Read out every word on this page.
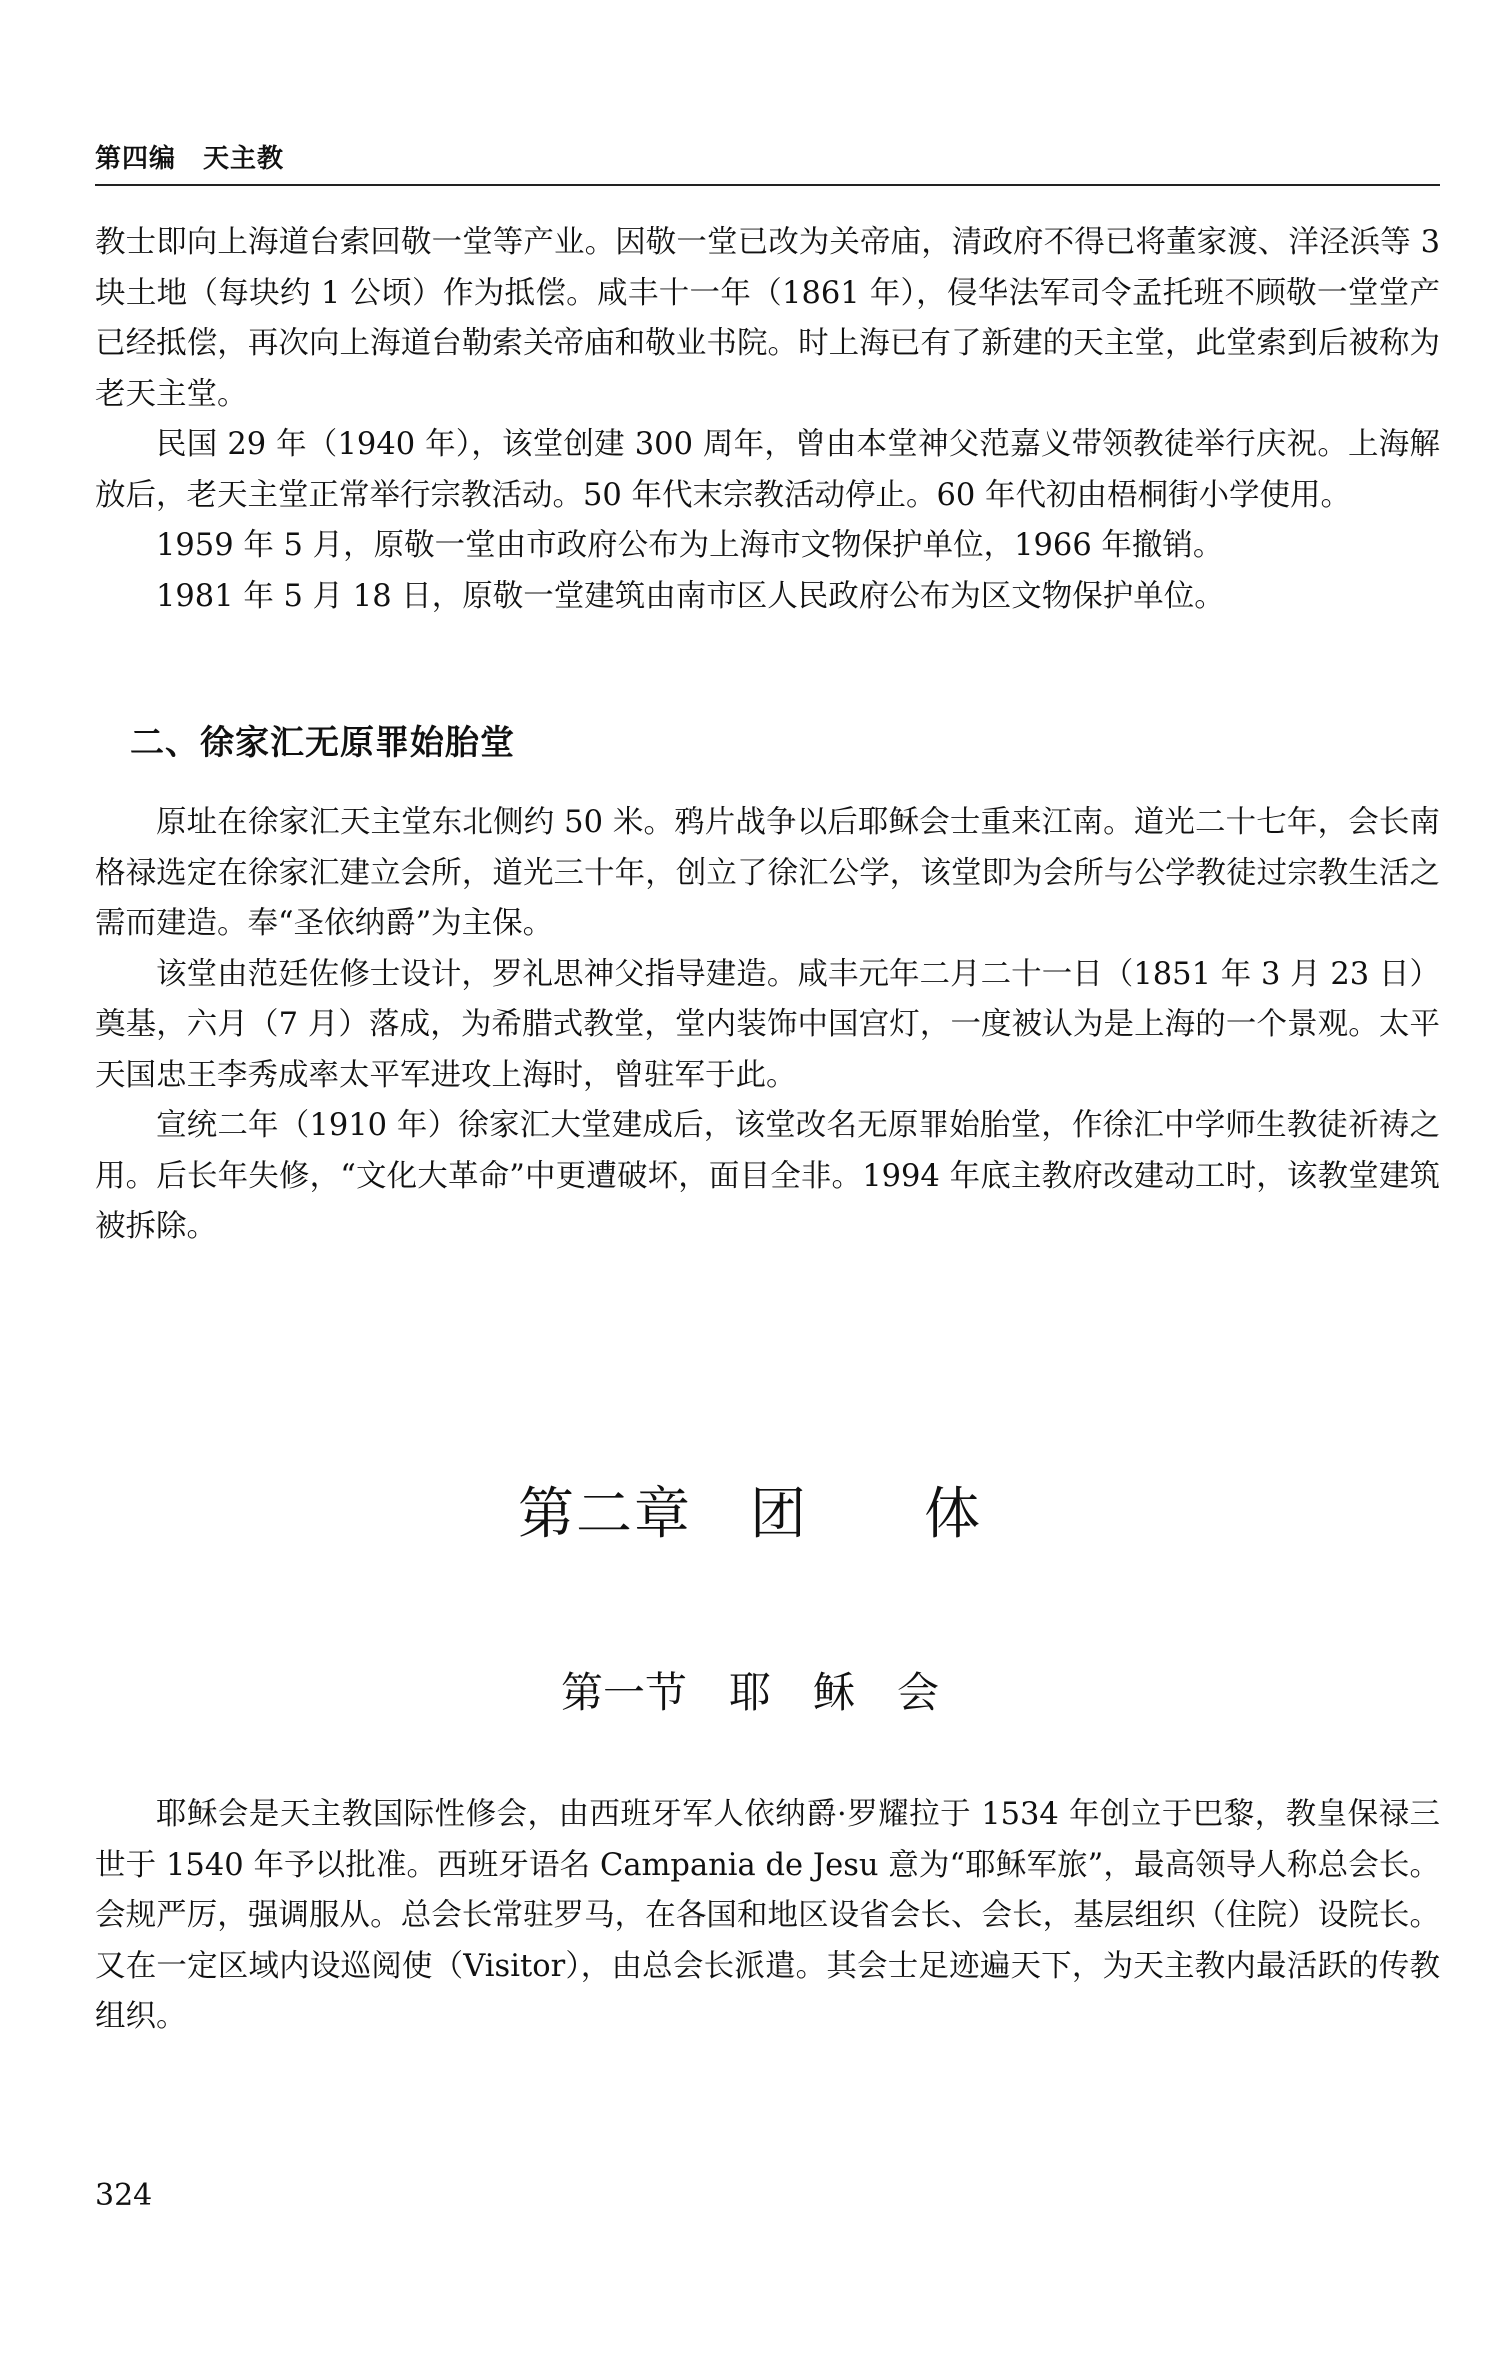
第四编　天主教

教士即向上海道台索回敬一堂等产业。因敬一堂已改为关帝庙，清政府不得已将董家渡、洋泾浜等 3 块土地（每块约 1 公顷）作为抵偿。咸丰十一年（1861 年），侵华法军司令孟托班不顾敬一堂堂产已经抵偿，再次向上海道台勒索关帝庙和敬业书院。时上海已有了新建的天主堂，此堂索到后被称为老天主堂。

民国 29 年（1940 年），该堂创建 300 周年，曾由本堂神父范嘉义带领教徒举行庆祝。上海解放后，老天主堂正常举行宗教活动。50 年代末宗教活动停止。60 年代初由梧桐街小学使用。

1959 年 5 月，原敬一堂由市政府公布为上海市文物保护单位，1966 年撤销。

1981 年 5 月 18 日，原敬一堂建筑由南市区人民政府公布为区文物保护单位。

二、徐家汇无原罪始胎堂

原址在徐家汇天主堂东北侧约 50 米。鸦片战争以后耶稣会士重来江南。道光二十七年，会长南格禄选定在徐家汇建立会所，道光三十年，创立了徐汇公学，该堂即为会所与公学教徒过宗教生活之需而建造。奉“圣依纳爵”为主保。

该堂由范廷佐修士设计，罗礼思神父指导建造。咸丰元年二月二十一日（1851 年 3 月 23 日）奠基，六月（7 月）落成，为希腊式教堂，堂内装饰中国宫灯，一度被认为是上海的一个景观。太平天国忠王李秀成率太平军进攻上海时，曾驻军于此。

宣统二年（1910 年）徐家汇大堂建成后，该堂改名无原罪始胎堂，作徐汇中学师生教徒祈祷之用。后长年失修，“文化大革命”中更遭破坏，面目全非。1994 年底主教府改建动工时，该教堂建筑被拆除。

第二章　团　　体
第一节　耶　稣　会

耶稣会是天主教国际性修会，由西班牙军人依纳爵·罗耀拉于 1534 年创立于巴黎，教皇保禄三世于 1540 年予以批准。西班牙语名 Campania de Jesu 意为“耶稣军旅”，最高领导人称总会长。会规严厉，强调服从。总会长常驻罗马，在各国和地区设省会长、会长，基层组织（住院）设院长。又在一定区域内设巡阅使（Visitor），由总会长派遣。其会士足迹遍天下，为天主教内最活跃的传教组织。

324
